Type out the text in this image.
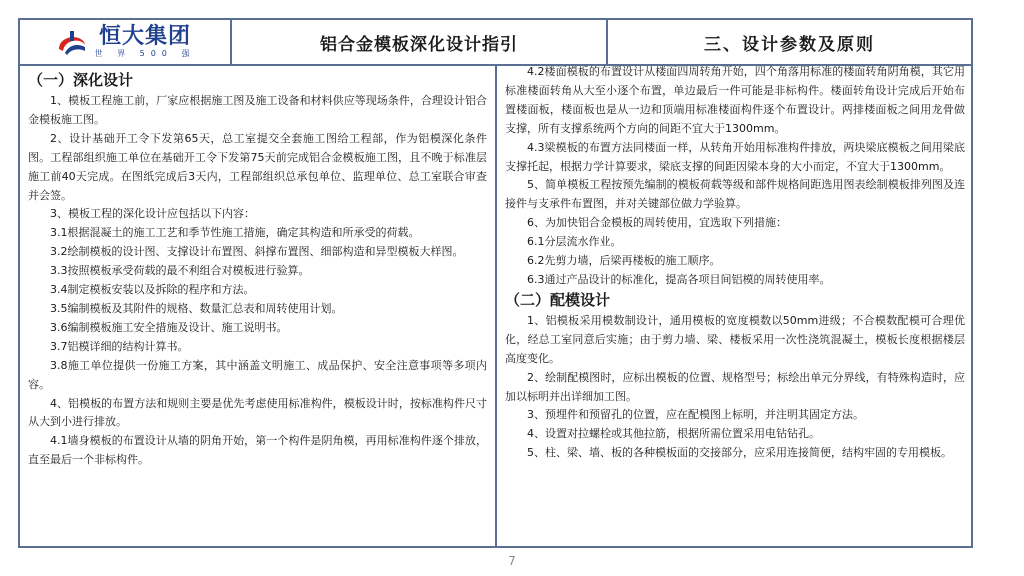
恒大集团
世 界 500 强	铝合金模板深化设计指引	三、设计参数及原则
（一）深化设计

1、模板工程施工前，厂家应根据施工图及施工设备和材料供应等现场条件，合理设计铝合金模板施工图。

2、设计基础开工令下发第65天，总工室提交全套施工图给工程部，作为铝模深化条件图。工程部组织施工单位在基础开工令下发第75天前完成铝合金模板施工图，且不晚于标准层施工前40天完成。在图纸完成后3天内，工程部组织总承包单位、监理单位、总工室联合审查并会签。

3、模板工程的深化设计应包括以下内容：

3.1根据混凝土的施工工艺和季节性施工措施，确定其构造和所承受的荷载。

3.2绘制模板的设计图、支撑设计布置图、斜撑布置图、细部构造和异型模板大样图。

3.3按照模板承受荷载的最不利组合对模板进行验算。

3.4制定模板安装以及拆除的程序和方法。

3.5编制模板及其附件的规格、数量汇总表和周转使用计划。

3.6编制模板施工安全措施及设计、施工说明书。

3.7铝模详细的结构计算书。

3.8施工单位提供一份施工方案，其中涵盖文明施工、成品保护、安全注意事项等多项内容。

4、铝模板的布置方法和规则主要是优先考虑使用标准构件，模板设计时，按标准构件尺寸从大到小进行排放。

4.1墙身模板的布置设计从墙的阴角开始，第一个构件是阴角模，再用标准构件逐个排放，直至最后一个非标构件。

4.2楼面模板的布置设计从楼面四周转角开始，四个角落用标准的楼面转角阴角模，其它用标准楼面转角从大至小逐个布置，单边最后一件可能是非标构件。楼面转角设计完成后开始布置楼面板，楼面板也是从一边和顶端用标准楼面构件逐个布置设计。两排楼面板之间用龙骨做支撑，所有支撑系统两个方向的间距不宜大于1300mm。

4.3梁模板的布置方法同楼面一样，从转角开始用标准构件排放，两块梁底模板之间用梁底支撑托起，根据力学计算要求，梁底支撑的间距因梁本身的大小而定，不宜大于1300mm。

5、简单模板工程按预先编制的模板荷载等级和部件规格间距选用图表绘制模板排列图及连接件与支承件布置图，并对关键部位做力学验算。

6、为加快铝合金模板的周转使用，宜选取下列措施：

6.1分层流水作业。

6.2先剪力墙，后梁再楼板的施工顺序。

6.3通过产品设计的标准化，提高各项目间铝模的周转使用率。

（二）配模设计

1、铝模板采用模数制设计，通用模板的宽度模数以50mm进级；不合模数配模可合理优化，经总工室同意后实施；由于剪力墙、梁、楼板采用一次性浇筑混凝土，模板长度根据楼层高度变化。

2、绘制配模图时，应标出模板的位置、规格型号；标绘出单元分界线，有特殊构造时，应加以标明并出详细加工图。

3、预埋件和预留孔的位置，应在配模图上标明，并注明其固定方法。

4、设置对拉螺栓或其他拉筋，根据所需位置采用电钻钻孔。

5、柱、梁、墙、板的各种模板面的交接部分，应采用连接简便，结构牢固的专用模板。

7
